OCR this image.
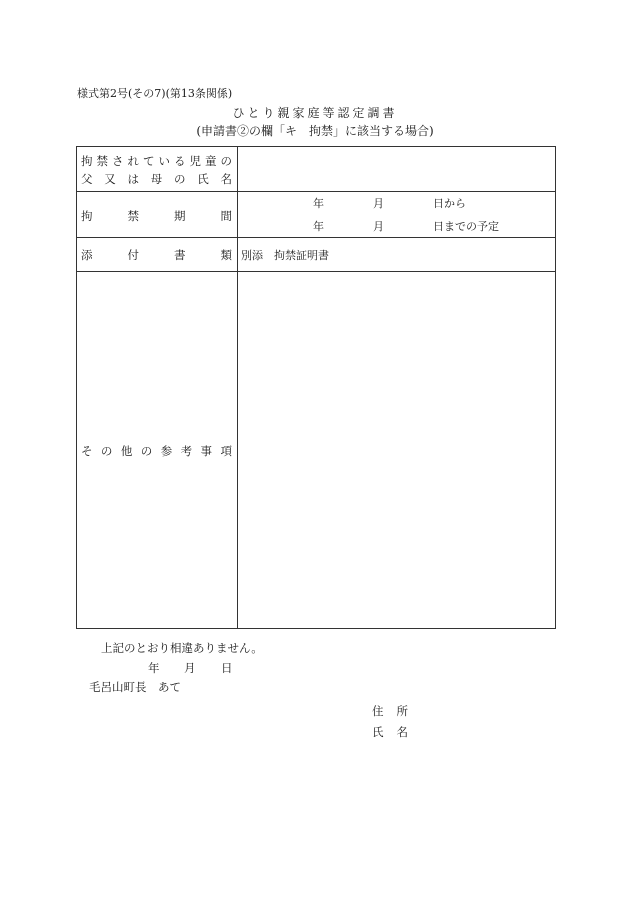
様式第2号(その7)(第13条関係)
ひとり親家庭等認定調書
(申請書②の欄「キ　拘禁」に該当する場合)
拘 禁 さ れ て い る 児 童 の
父 又 は 母 の 氏 名
拘	禁	期	間
年	月	日から
年	月	日までの予定
添	付	書	類 別添　拘禁証明書
そ の 他 の 参 考 事 項
上記のとおり相違ありません。
年 月 日
毛呂山町長　あて
住 所
氏 名
